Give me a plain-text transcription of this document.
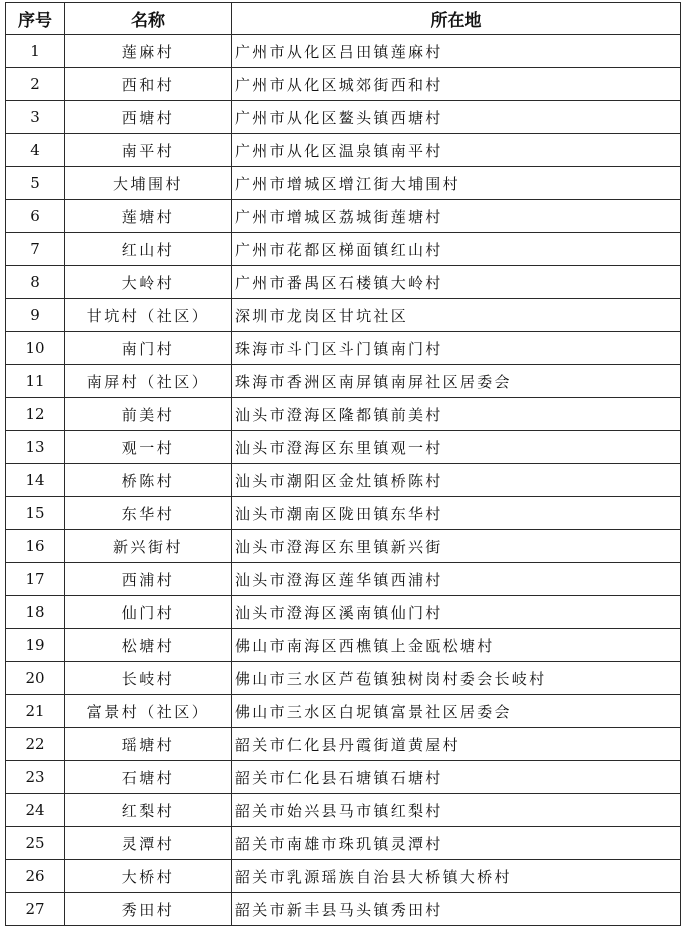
序号	名称	所在地
1	莲麻村	广州市从化区吕田镇莲麻村
2	西和村	广州市从化区城郊街西和村
3	西塘村	广州市从化区鳌头镇西塘村
4	南平村	广州市从化区温泉镇南平村
5	大埔围村	广州市增城区增江街大埔围村
6	莲塘村	广州市增城区荔城街莲塘村
7	红山村	广州市花都区梯面镇红山村
8	大岭村	广州市番禺区石楼镇大岭村
9	甘坑村（社区）	深圳市龙岗区甘坑社区
10	南门村	珠海市斗门区斗门镇南门村
11	南屏村（社区）	珠海市香洲区南屏镇南屏社区居委会
12	前美村	汕头市澄海区隆都镇前美村
13	观一村	汕头市澄海区东里镇观一村
14	桥陈村	汕头市潮阳区金灶镇桥陈村
15	东华村	汕头市潮南区陇田镇东华村
16	新兴街村	汕头市澄海区东里镇新兴街
17	西浦村	汕头市澄海区莲华镇西浦村
18	仙门村	汕头市澄海区溪南镇仙门村
19	松塘村	佛山市南海区西樵镇上金瓯松塘村
20	长岐村	佛山市三水区芦苞镇独树岗村委会长岐村
21	富景村（社区）	佛山市三水区白坭镇富景社区居委会
22	瑶塘村	韶关市仁化县丹霞街道黄屋村
23	石塘村	韶关市仁化县石塘镇石塘村
24	红梨村	韶关市始兴县马市镇红梨村
25	灵潭村	韶关市南雄市珠玑镇灵潭村
26	大桥村	韶关市乳源瑶族自治县大桥镇大桥村
27	秀田村	韶关市新丰县马头镇秀田村
